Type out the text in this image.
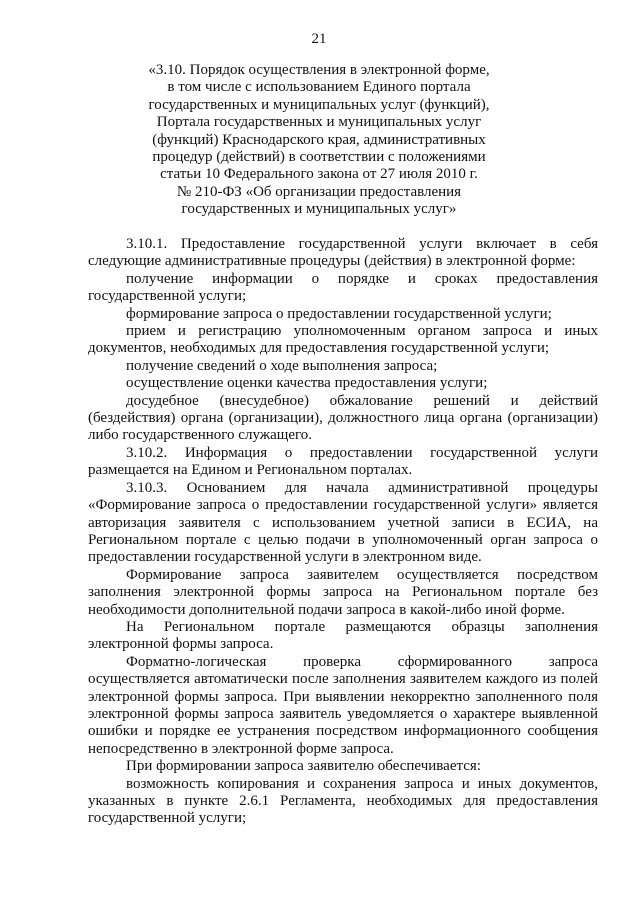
21
«3.10. Порядок осуществления в электронной форме,
в том числе с использованием Единого портала
государственных и муниципальных услуг (функций),
Портала государственных и муниципальных услуг
(функций) Краснодарского края, административных
процедур (действий) в соответствии с положениями
статьи 10 Федерального закона от 27 июля 2010 г.
№ 210-ФЗ «Об организации предоставления
государственных и муниципальных услуг»

3.10.1. Предоставление государственной услуги включает в себя следующие административные процедуры (действия) в электронной форме:

получение информации о порядке и сроках предоставления государственной услуги;

формирование запроса о предоставлении государственной услуги;

прием и регистрацию уполномоченным органом запроса и иных документов, необходимых для предоставления государственной услуги;

получение сведений о ходе выполнения запроса;

осуществление оценки качества предоставления услуги;

досудебное (внесудебное) обжалование решений и действий (бездействия) органа (организации), должностного лица органа (организации) либо государственного служащего.

3.10.2. Информация о предоставлении государственной услуги размещается на Едином и Региональном порталах.

3.10.3. Основанием для начала административной процедуры «Формирование запроса о предоставлении государственной услуги» является авторизация заявителя с использованием учетной записи в ЕСИА, на Региональном портале с целью подачи в уполномоченный орган запроса о предоставлении государственной услуги в электронном виде.

Формирование запроса заявителем осуществляется посредством заполнения электронной формы запроса на Региональном портале без необходимости дополнительной подачи запроса в какой-либо иной форме.

На Региональном портале размещаются образцы заполнения электронной формы запроса.

Форматно-логическая проверка сформированного запроса осуществляется автоматически после заполнения заявителем каждого из полей электронной формы запроса. При выявлении некорректно заполненного поля электронной формы запроса заявитель уведомляется о характере выявленной ошибки и порядке ее устранения посредством информационного сообщения непосредственно в электронной форме запроса.

При формировании запроса заявителю обеспечивается:

возможность копирования и сохранения запроса и иных документов, указанных в пункте 2.6.1 Регламента, необходимых для предоставления государственной услуги;
